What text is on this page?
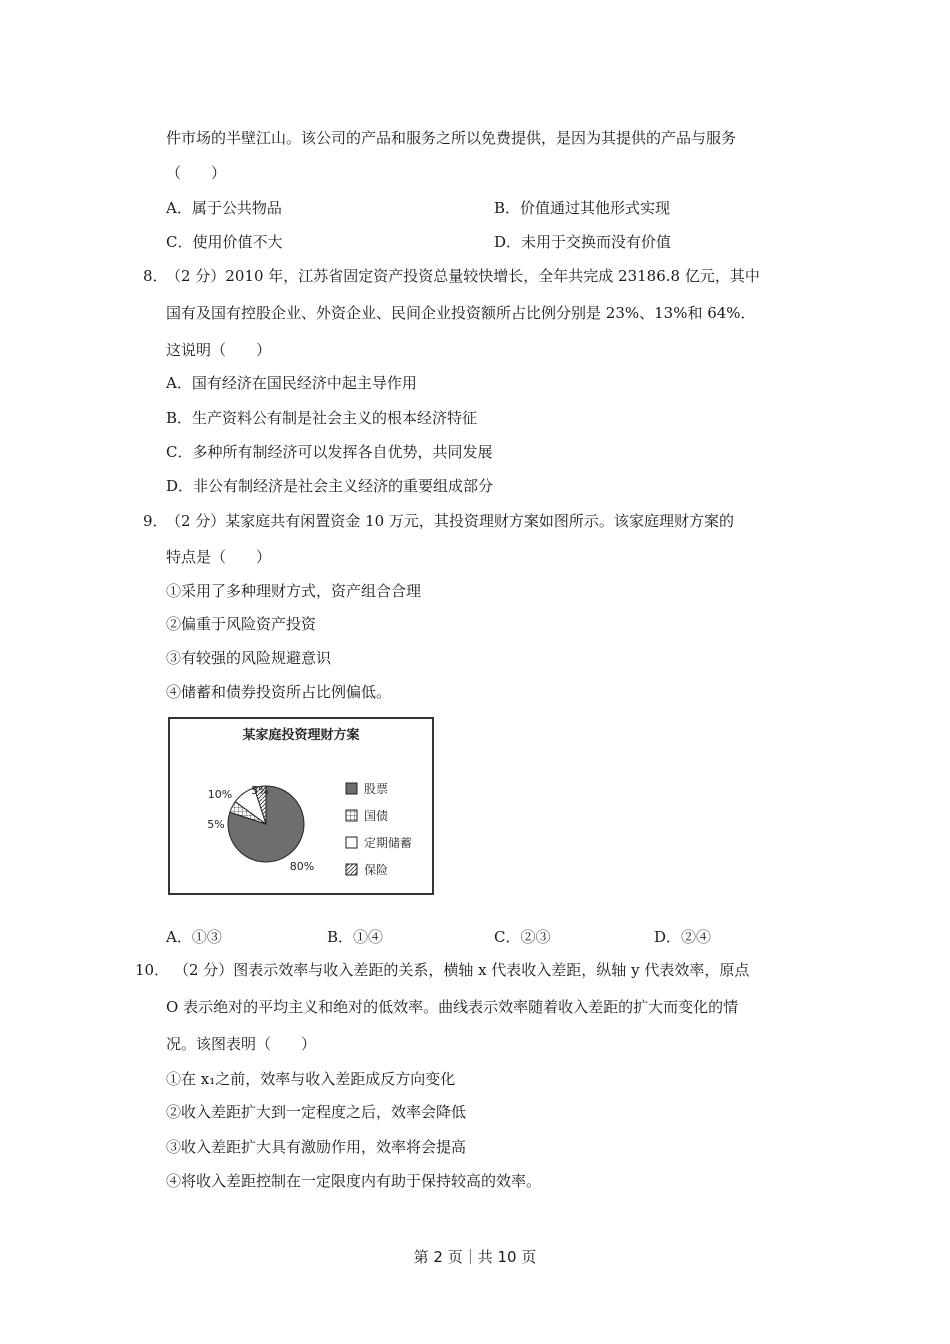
件市场的半壁江山。该公司的产品和服务之所以免费提供，是因为其提供的产品与服务
（　　）
A．属于公共物品	B．价值通过其他形式实现
C．使用价值不大	D．未用于交换而没有价值
8．
（2 分）2010 年，江苏省固定资产投资总量较快增长，全年共完成 23186.8 亿元，其中
国有及国有控股企业、外资企业、民间企业投资额所占比例分别是 23%、13%和 64%．
这说明（　　）
A．国有经济在国民经济中起主导作用
B．生产资料公有制是社会主义的根本经济特征
C．多种所有制经济可以发挥各自优势，共同发展
D．非公有制经济是社会主义经济的重要组成部分
9．
（2 分）某家庭共有闲置资金 10 万元，其投资理财方案如图所示。该家庭理财方案的
特点是（　　）
①采用了多种理财方式，资产组合合理
②偏重于风险资产投资
③有较强的风险规避意识
④储蓄和债券投资所占比例偏低。
某家庭投资理财方案
80%
5%
10% 5%	股票
国债
定期储蓄
保险
A．①③	B．①④	C．②③	D．②④
10． （2 分）图表示效率与收入差距的关系，横轴 x 代表收入差距，纵轴 y 代表效率，原点
O 表示绝对的平均主义和绝对的低效率。曲线表示效率随着收入差距的扩大而变化的情
况。该图表明（　　）
①在 x₁之前，效率与收入差距成反方向变化
②收入差距扩大到一定程度之后，效率会降低
③收入差距扩大具有激励作用，效率将会提高
④将收入差距控制在一定限度内有助于保持较高的效率。
第 2 页｜共 10 页
